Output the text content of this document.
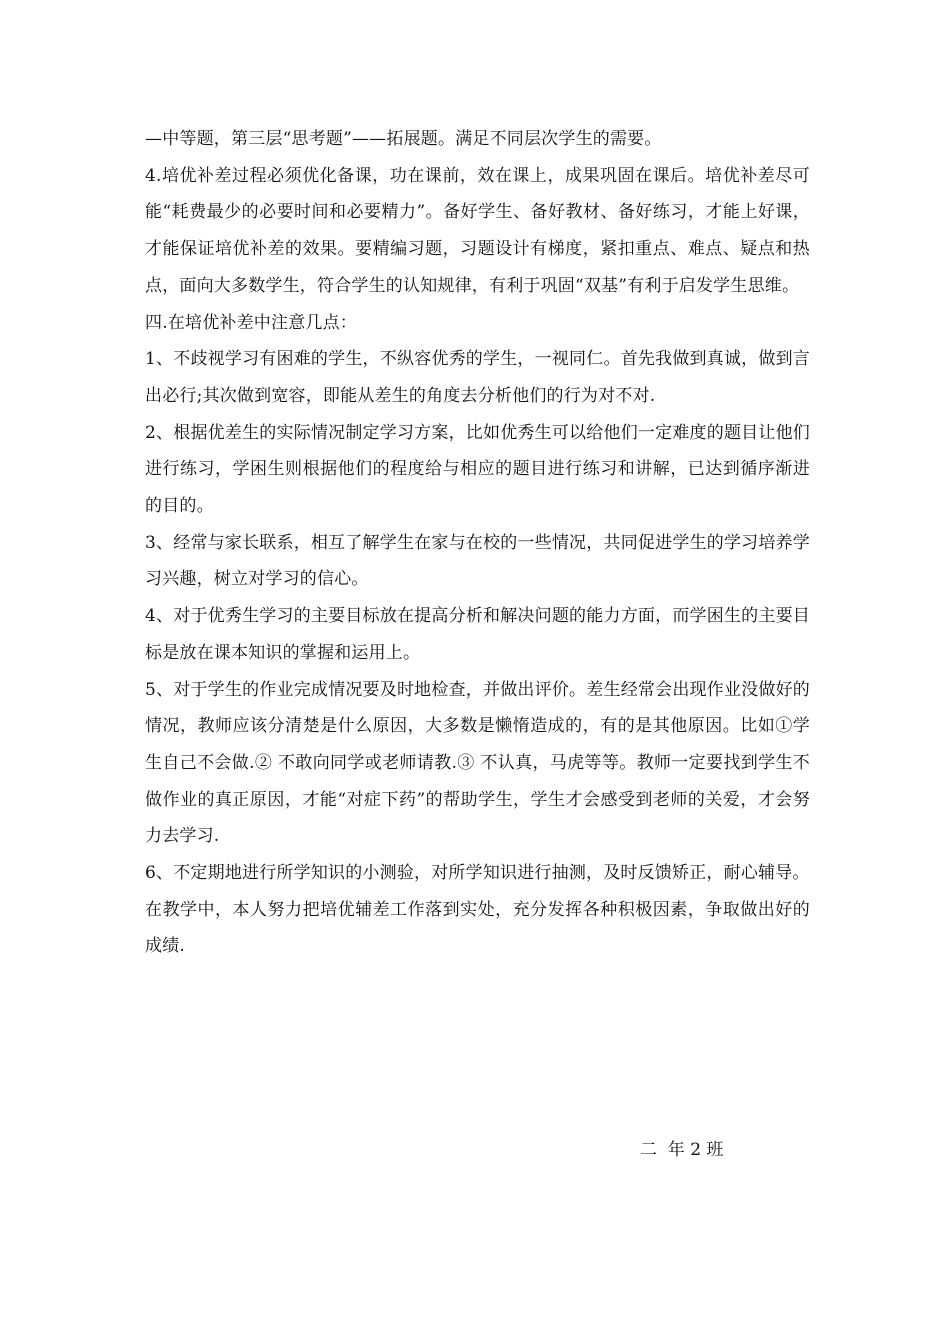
—中等题，第三层“思考题”——拓展题。满足不同层次学生的需要。

4.培优补差过程必须优化备课，功在课前，效在课上，成果巩固在课后。培优补差尽可能“耗费最少的必要时间和必要精力”。备好学生、备好教材、备好练习，才能上好课，才能保证培优补差的效果。要精编习题，习题设计有梯度，紧扣重点、难点、疑点和热点，面向大多数学生，符合学生的认知规律，有利于巩固“双基”有利于启发学生思维。

四.在培优补差中注意几点：

1、不歧视学习有困难的学生，不纵容优秀的学生，一视同仁。首先我做到真诚，做到言出必行;其次做到宽容，即能从差生的角度去分析他们的行为对不对.

2、根据优差生的实际情况制定学习方案，比如优秀生可以给他们一定难度的题目让他们进行练习，学困生则根据他们的程度给与相应的题目进行练习和讲解，已达到循序渐进的目的。

3、经常与家长联系，相互了解学生在家与在校的一些情况，共同促进学生的学习培养学习兴趣，树立对学习的信心。

4、对于优秀生学习的主要目标放在提高分析和解决问题的能力方面，而学困生的主要目标是放在课本知识的掌握和运用上。

5、对于学生的作业完成情况要及时地检查，并做出评价。差生经常会出现作业没做好的情况，教师应该分清楚是什么原因，大多数是懒惰造成的，有的是其他原因。比如①学生自己不会做.② 不敢向同学或老师请教.③ 不认真，马虎等等。教师一定要找到学生不做作业的真正原因，才能“对症下药”的帮助学生，学生才会感受到老师的关爱，才会努力去学习.

6、不定期地进行所学知识的小测验，对所学知识进行抽测，及时反馈矫正，耐心辅导。

在教学中，本人努力把培优辅差工作落到实处，充分发挥各种积极因素，争取做出好的成绩.

二  年 2 班
